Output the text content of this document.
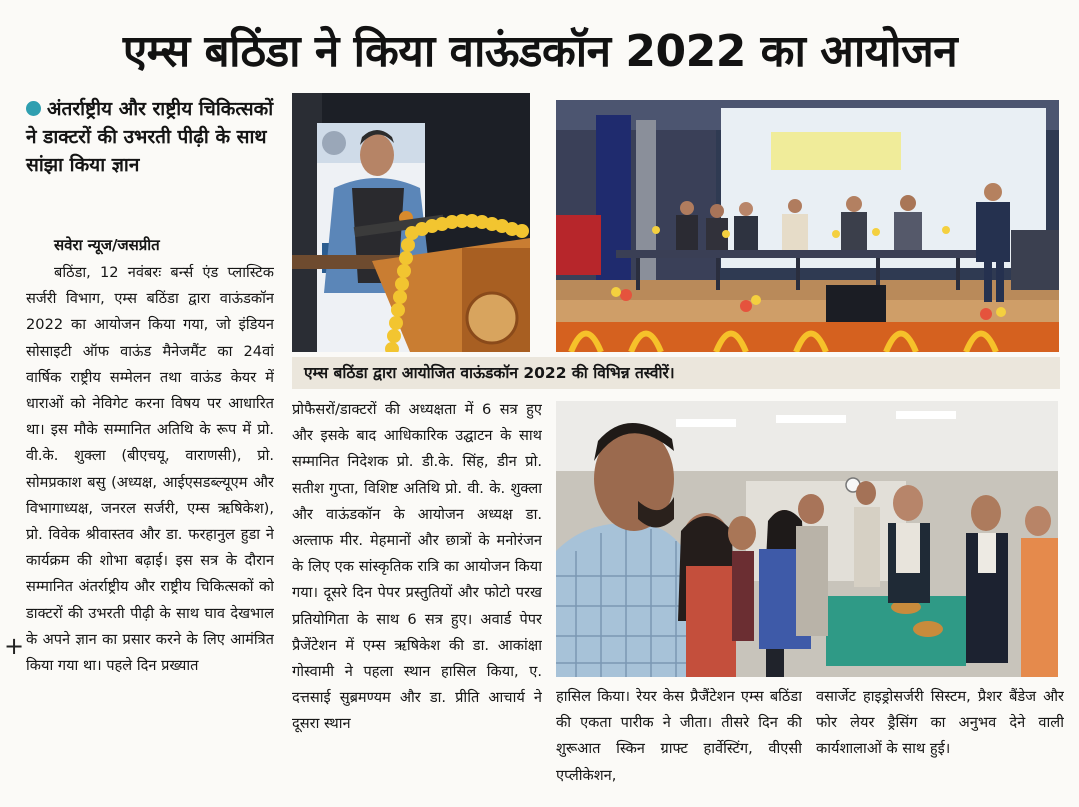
एम्स बठिंडा ने किया वाऊंडकॉन 2022 का आयोजन
अंतर्राष्ट्रीय और राष्ट्रीय चिकित्सकों ने डाक्टरों की उभरती पीढ़ी के साथ सांझा किया ज्ञान
सवेरा न्यूज/जसप्रीत

बठिंडा, 12 नवंबरः बर्न्स एंड प्लास्टिक सर्जरी विभाग, एम्स बठिंडा द्वारा वाऊंडकॉन 2022 का आयोजन किया गया, जो इंडियन सोसाइटी ऑफ वाऊंड मैनेजमैंट का 24वां वार्षिक राष्ट्रीय सम्मेलन तथा वाऊंड केयर में धाराओं को नेविगेट करना विषय पर आधारित था। इस मौके सम्मानित अतिथि के रूप में प्रो. वी.के. शुक्ला (बीएचयू, वाराणसी), प्रो. सोमप्रकाश बसु (अध्यक्ष, आईएसडब्ल्यूएम और विभागाध्यक्ष, जनरल सर्जरी, एम्स ऋषिकेश), प्रो. विवेक श्रीवास्तव और डा. फरहानुल हुडा ने कार्यक्रम की शोभा बढ़ाई। इस सत्र के दौरान सम्मानित अंतर्राष्ट्रीय और राष्ट्रीय चिकित्सकों को डाक्टरों की उभरती पीढ़ी के साथ घाव देखभाल के अपने ज्ञान का प्रसार करने के लिए आमंत्रित किया गया था। पहले दिन प्रख्यात

प्रोफैसरों/डाक्टरों की अध्यक्षता में 6 सत्र हुए और इसके बाद आधिकारिक उद्घाटन के साथ सम्मानित निदेशक प्रो. डी.के. सिंह, डीन प्रो. सतीश गुप्ता, विशिष्ट अतिथि प्रो. वी. के. शुक्ला और वाऊंडकॉन के आयोजन अध्यक्ष डा. अल्ताफ मीर. मेहमानों और छात्रों के मनोरंजन के लिए एक सांस्कृतिक रात्रि का आयोजन किया गया। दूसरे दिन पेपर प्रस्तुतियों और फोटो परख प्रतियोगिता के साथ 6 सत्र हुए। अवार्ड पेपर प्रैजेंटेशन में एम्स ऋषिकेश की डा. आकांक्षा गोस्वामी ने पहला स्थान हासिल किया, ए. दत्तसाई सुब्रमण्यम और डा. प्रीति आचार्य ने दूसरा स्थान

हासिल किया। रेयर केस प्रैजैंटेशन एम्स बठिंडा की एकता पारीक ने जीता। तीसरे दिन की शुरूआत स्किन ग्राफ्ट हार्वेस्टिंग, वीएसी एप्लीकेशन,

वसार्जेट हाइड्रोसर्जरी सिस्टम, प्रैशर बैंडेज और फोर लेयर ड्रैसिंग का अनुभव देने वाली कार्यशालाओं के साथ हुई।

+
एम्स बठिंडा द्वारा आयोजित वाऊंडकॉन 2022 की विभिन्न तस्वीरें।
